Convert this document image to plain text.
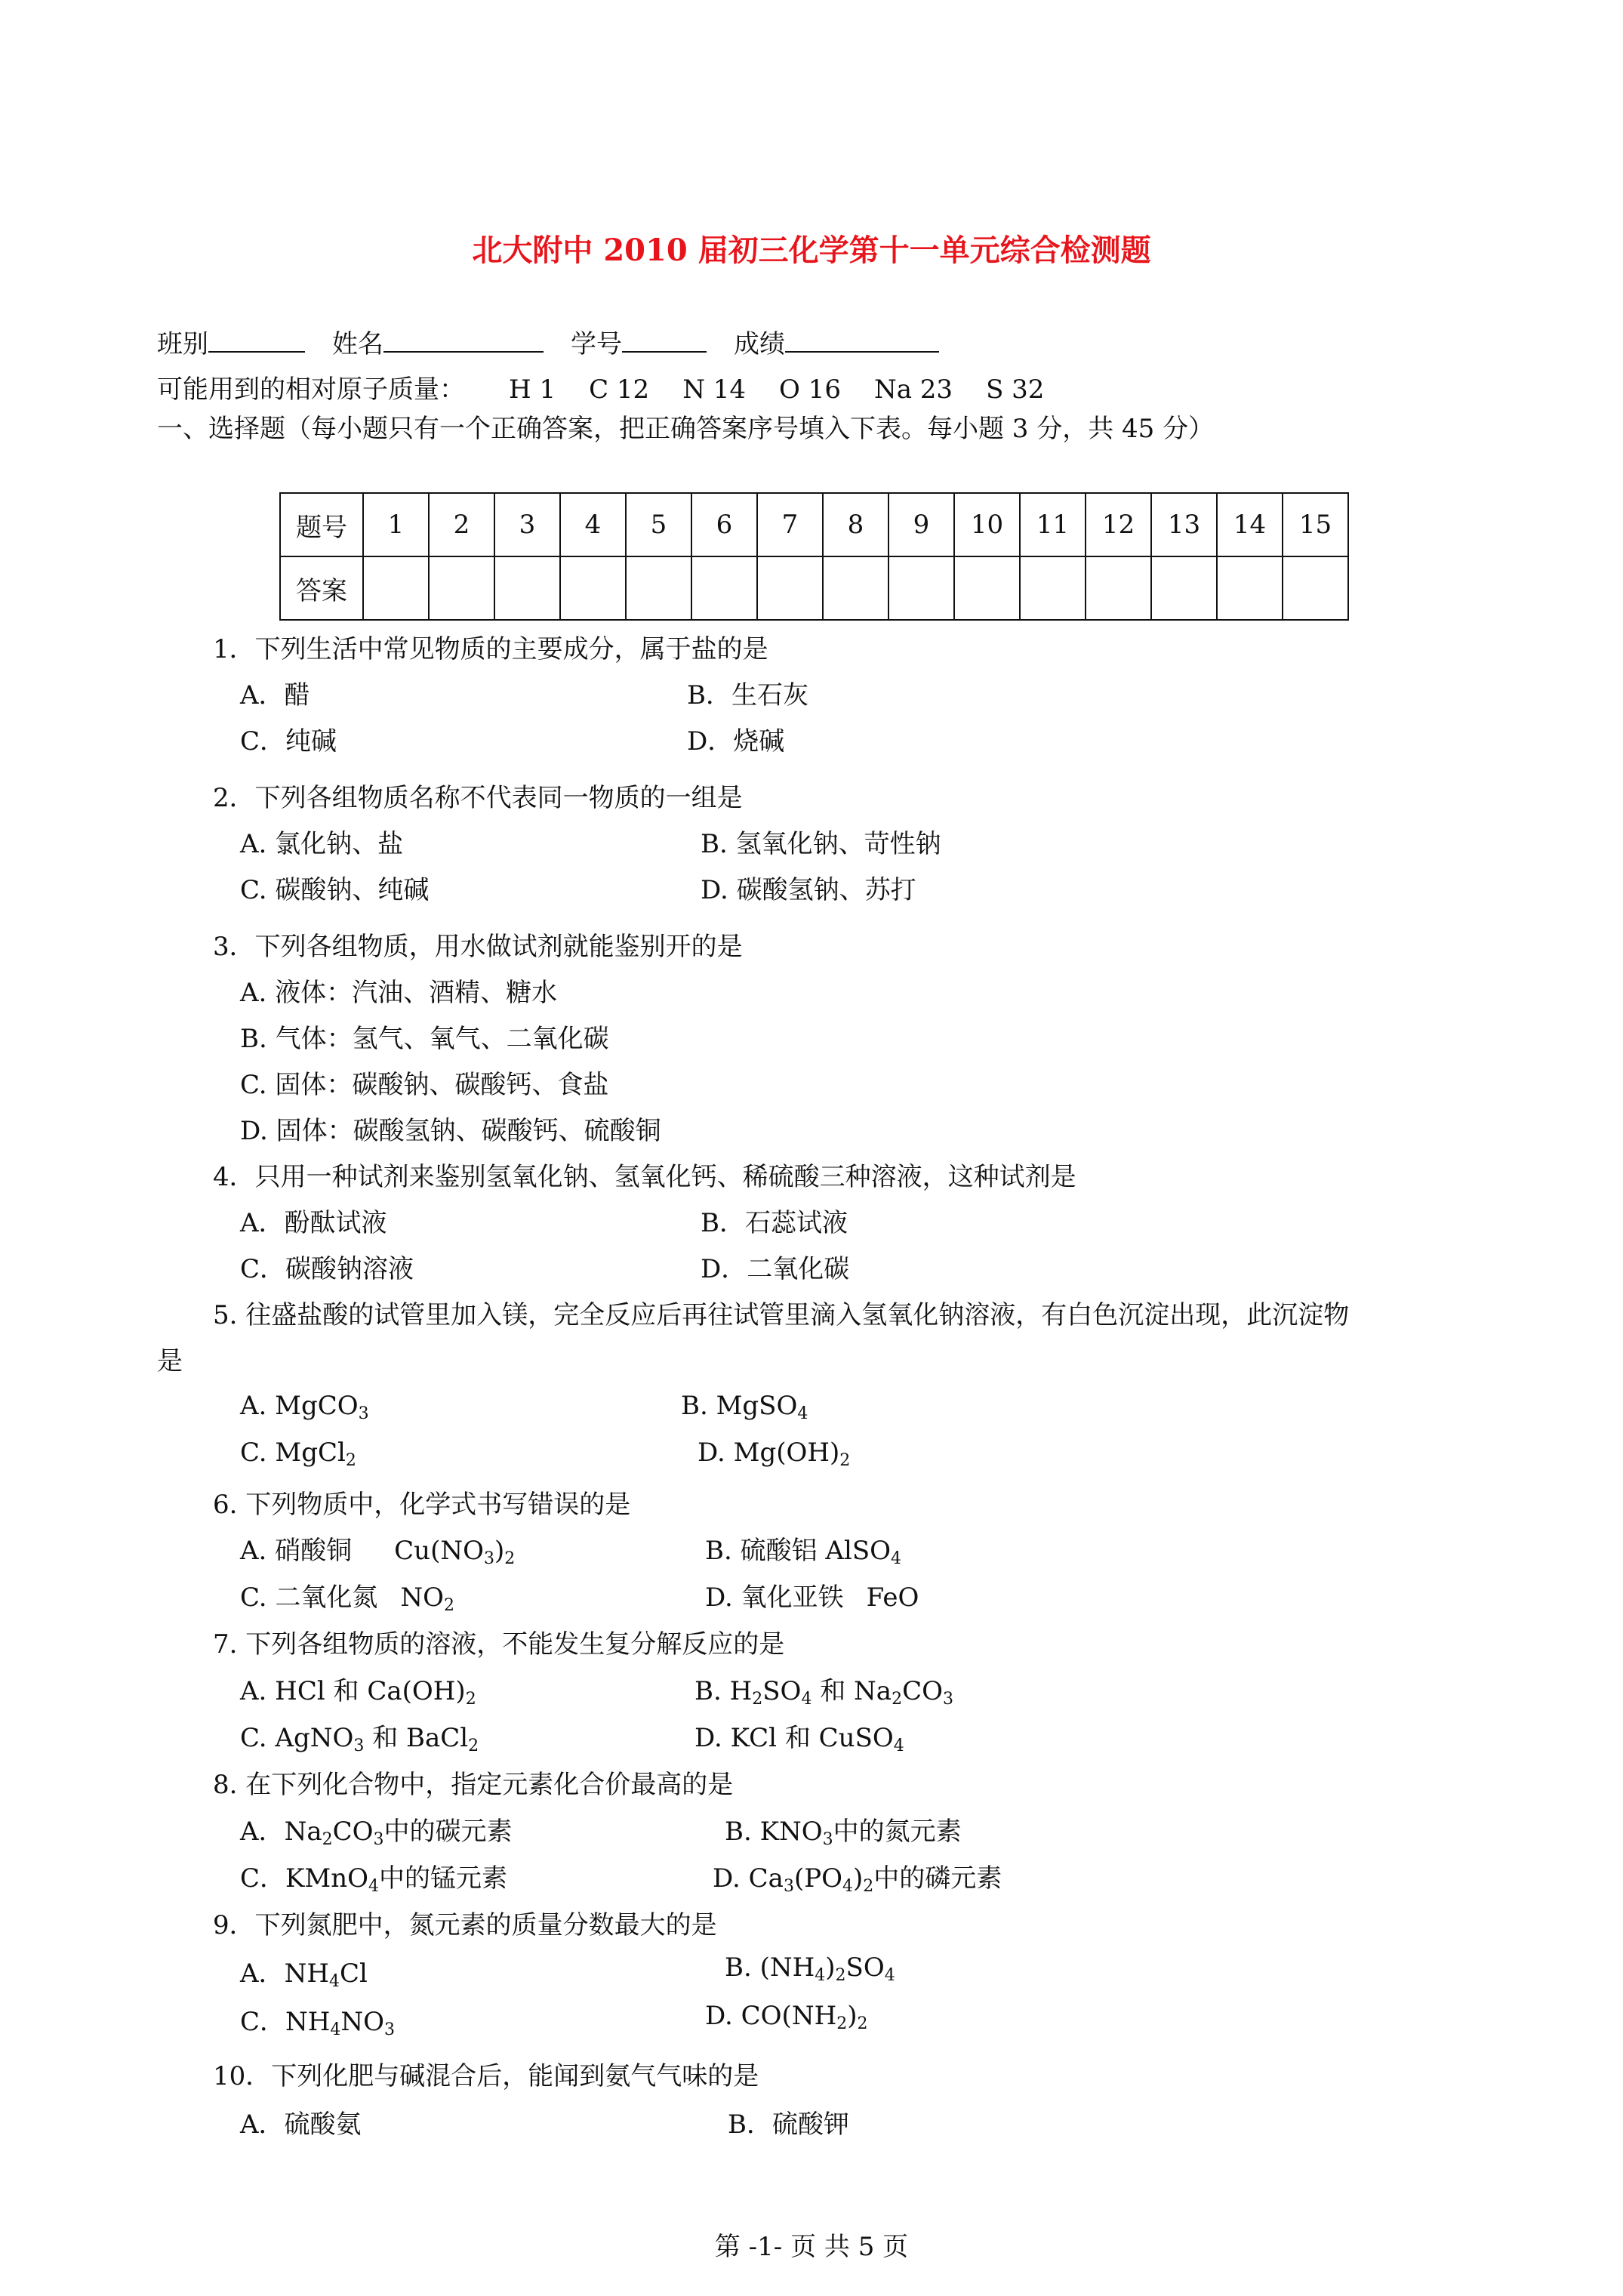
北大附中 2010 届初三化学第十一单元综合检测题
班别	姓名	学号	成绩
可能用到的相对原子质量： H 1 C 12 N 14 O 16 Na 23 S 32
一、选择题（每小题只有一个正确答案，把正确答案序号填入下表。每小题 3 分，共 45 分）
题号	1	2	3	4	5	6	7	8	9	10	11	12	13	14	15
答案															
1．下列生活中常见物质的主要成分，属于盐的是
A．醋	B．生石灰
C．纯碱	D．烧碱
2．下列各组物质名称不代表同一物质的一组是
A. 氯化钠、盐	B. 氢氧化钠、苛性钠
C. 碳酸钠、纯碱	D. 碳酸氢钠、苏打
3．下列各组物质，用水做试剂就能鉴别开的是
A. 液体：汽油、酒精、糖水
B. 气体：氢气、氧气、二氧化碳
C. 固体：碳酸钠、碳酸钙、食盐
D. 固体：碳酸氢钠、碳酸钙、硫酸铜
4．只用一种试剂来鉴别氢氧化钠、氢氧化钙、稀硫酸三种溶液，这种试剂是
A．酚酞试液	B．石蕊试液
C．碳酸钠溶液	D．二氧化碳
5. 往盛盐酸的试管里加入镁，完全反应后再往试管里滴入氢氧化钠溶液，有白色沉淀出现，此沉淀物
是
A. MgCO$_3$	B. MgSO$_4$
C. MgCl$_2$	D. $Mg(OH)_2$
6. 下列物质中，化学式书写错误的是
A. 硝酸铜 $Cu(NO_3)_2$	B. 硫酸铝 AlSO$_4$
C. 二氧化氮 $NO_2$	D. 氧化亚铁 FeO
7. 下列各组物质的溶液，不能发生复分解反应的是
A. HCl 和 $Ca(OH)_2$	B. $H_2SO_4$ 和 $Na_2CO_3$
C. AgNO$_3$ 和 BaCl$_2$	D. KCl 和 CuSO$_4$
8. 在下列化合物中，指定元素化合价最高的是
A．$Na_2CO_3$中的碳元素	B. $KNO_3$中的氮元素
C．KMnO$_4$中的锰元素	D. $Ca_3(PO_4)_2$中的磷元素
9．下列氮肥中，氮元素的质量分数最大的是
A．$NH_4Cl$	B. $(NH_4)_2SO_4$
C．$NH_4NO_3$	D. $CO(NH_2)_2$
10．下列化肥与碱混合后，能闻到氨气气味的是
A．硫酸氨	B．硫酸钾
第 -1- 页 共 5 页
